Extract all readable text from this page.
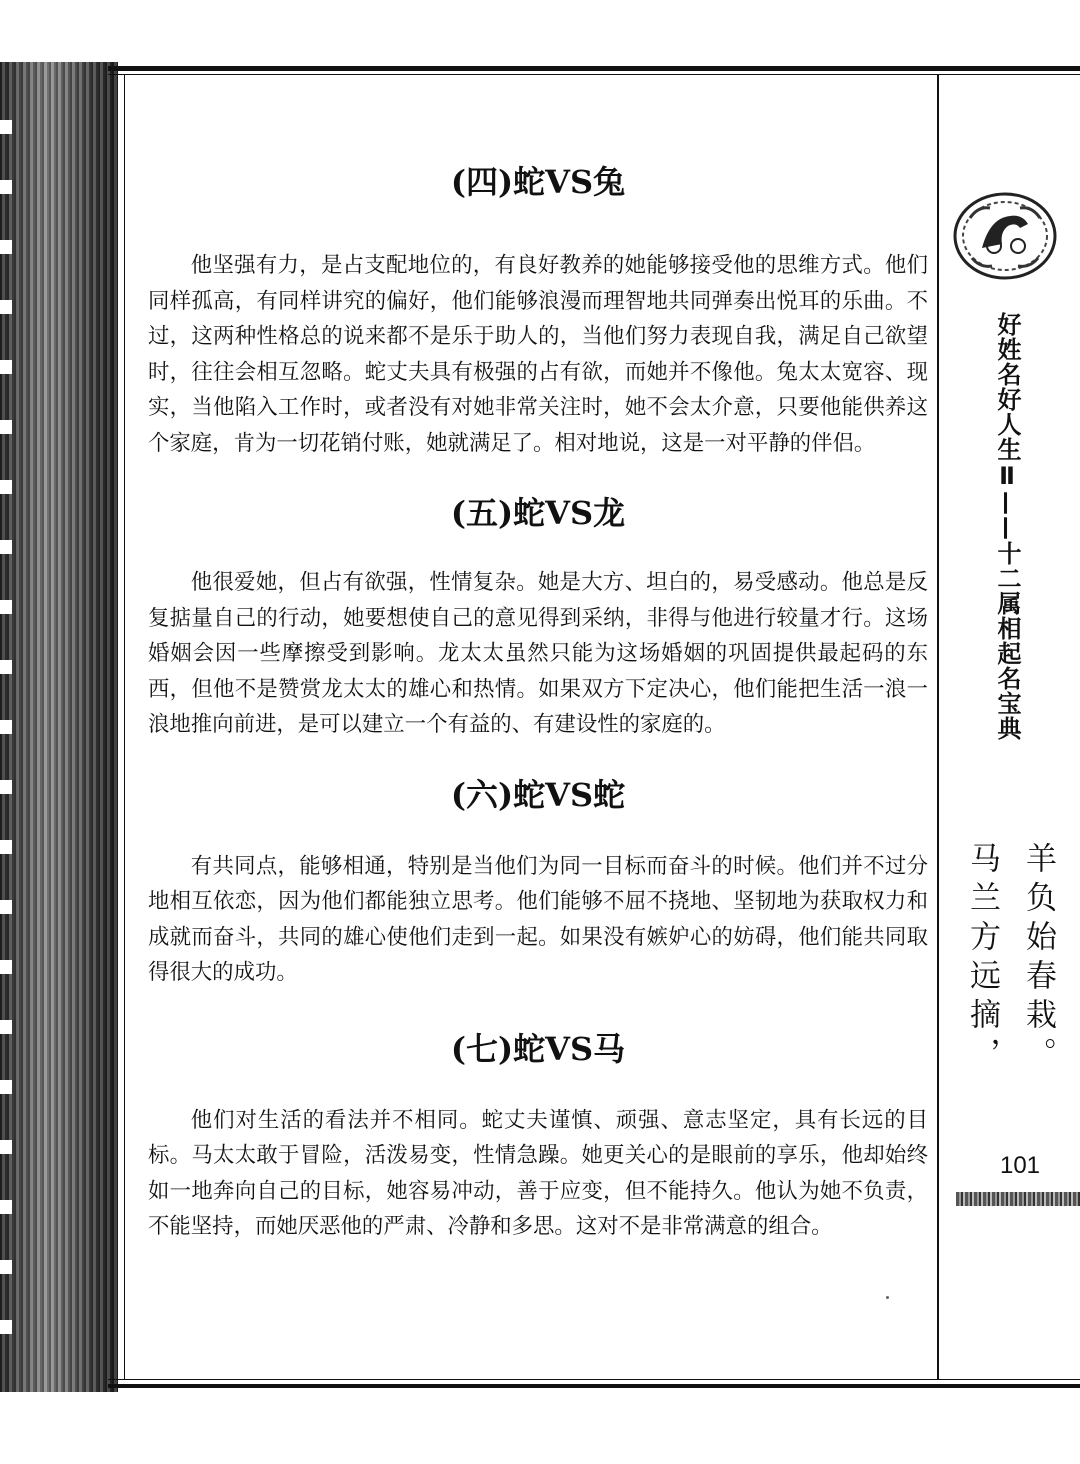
(四)蛇VS兔

他坚强有力，是占支配地位的，有良好教养的她能够接受他的思维方式。他们同样孤高，有同样讲究的偏好，他们能够浪漫而理智地共同弹奏出悦耳的乐曲。不过，这两种性格总的说来都不是乐于助人的，当他们努力表现自我，满足自己欲望时，往往会相互忽略。蛇丈夫具有极强的占有欲，而她并不像他。兔太太宽容、现实，当他陷入工作时，或者没有对她非常关注时，她不会太介意，只要他能供养这个家庭，肯为一切花销付账，她就满足了。相对地说，这是一对平静的伴侣。

(五)蛇VS龙

他很爱她，但占有欲强，性情复杂。她是大方、坦白的，易受感动。他总是反复掂量自己的行动，她要想使自己的意见得到采纳，非得与他进行较量才行。这场婚姻会因一些摩擦受到影响。龙太太虽然只能为这场婚姻的巩固提供最起码的东西，但他不是赞赏龙太太的雄心和热情。如果双方下定决心，他们能把生活一浪一浪地推向前进，是可以建立一个有益的、有建设性的家庭的。

(六)蛇VS蛇

有共同点，能够相通，特别是当他们为同一目标而奋斗的时候。他们并不过分地相互依恋，因为他们都能独立思考。他们能够不屈不挠地、坚韧地为获取权力和成就而奋斗，共同的雄心使他们走到一起。如果没有嫉妒心的妨碍，他们能共同取得很大的成功。

(七)蛇VS马

他们对生活的看法并不相同。蛇丈夫谨慎、顽强、意志坚定，具有长远的目标。马太太敢于冒险，活泼易变，性情急躁。她更关心的是眼前的享乐，他却始终如一地奔向自己的目标，她容易冲动，善于应变，但不能持久。他认为她不负责，不能坚持，而她厌恶他的严肃、冷静和多思。这对不是非常满意的组合。

好姓名好人生Ⅱ——十二属相起名宝典
羊负始春栽。
马兰方远摘，
101
